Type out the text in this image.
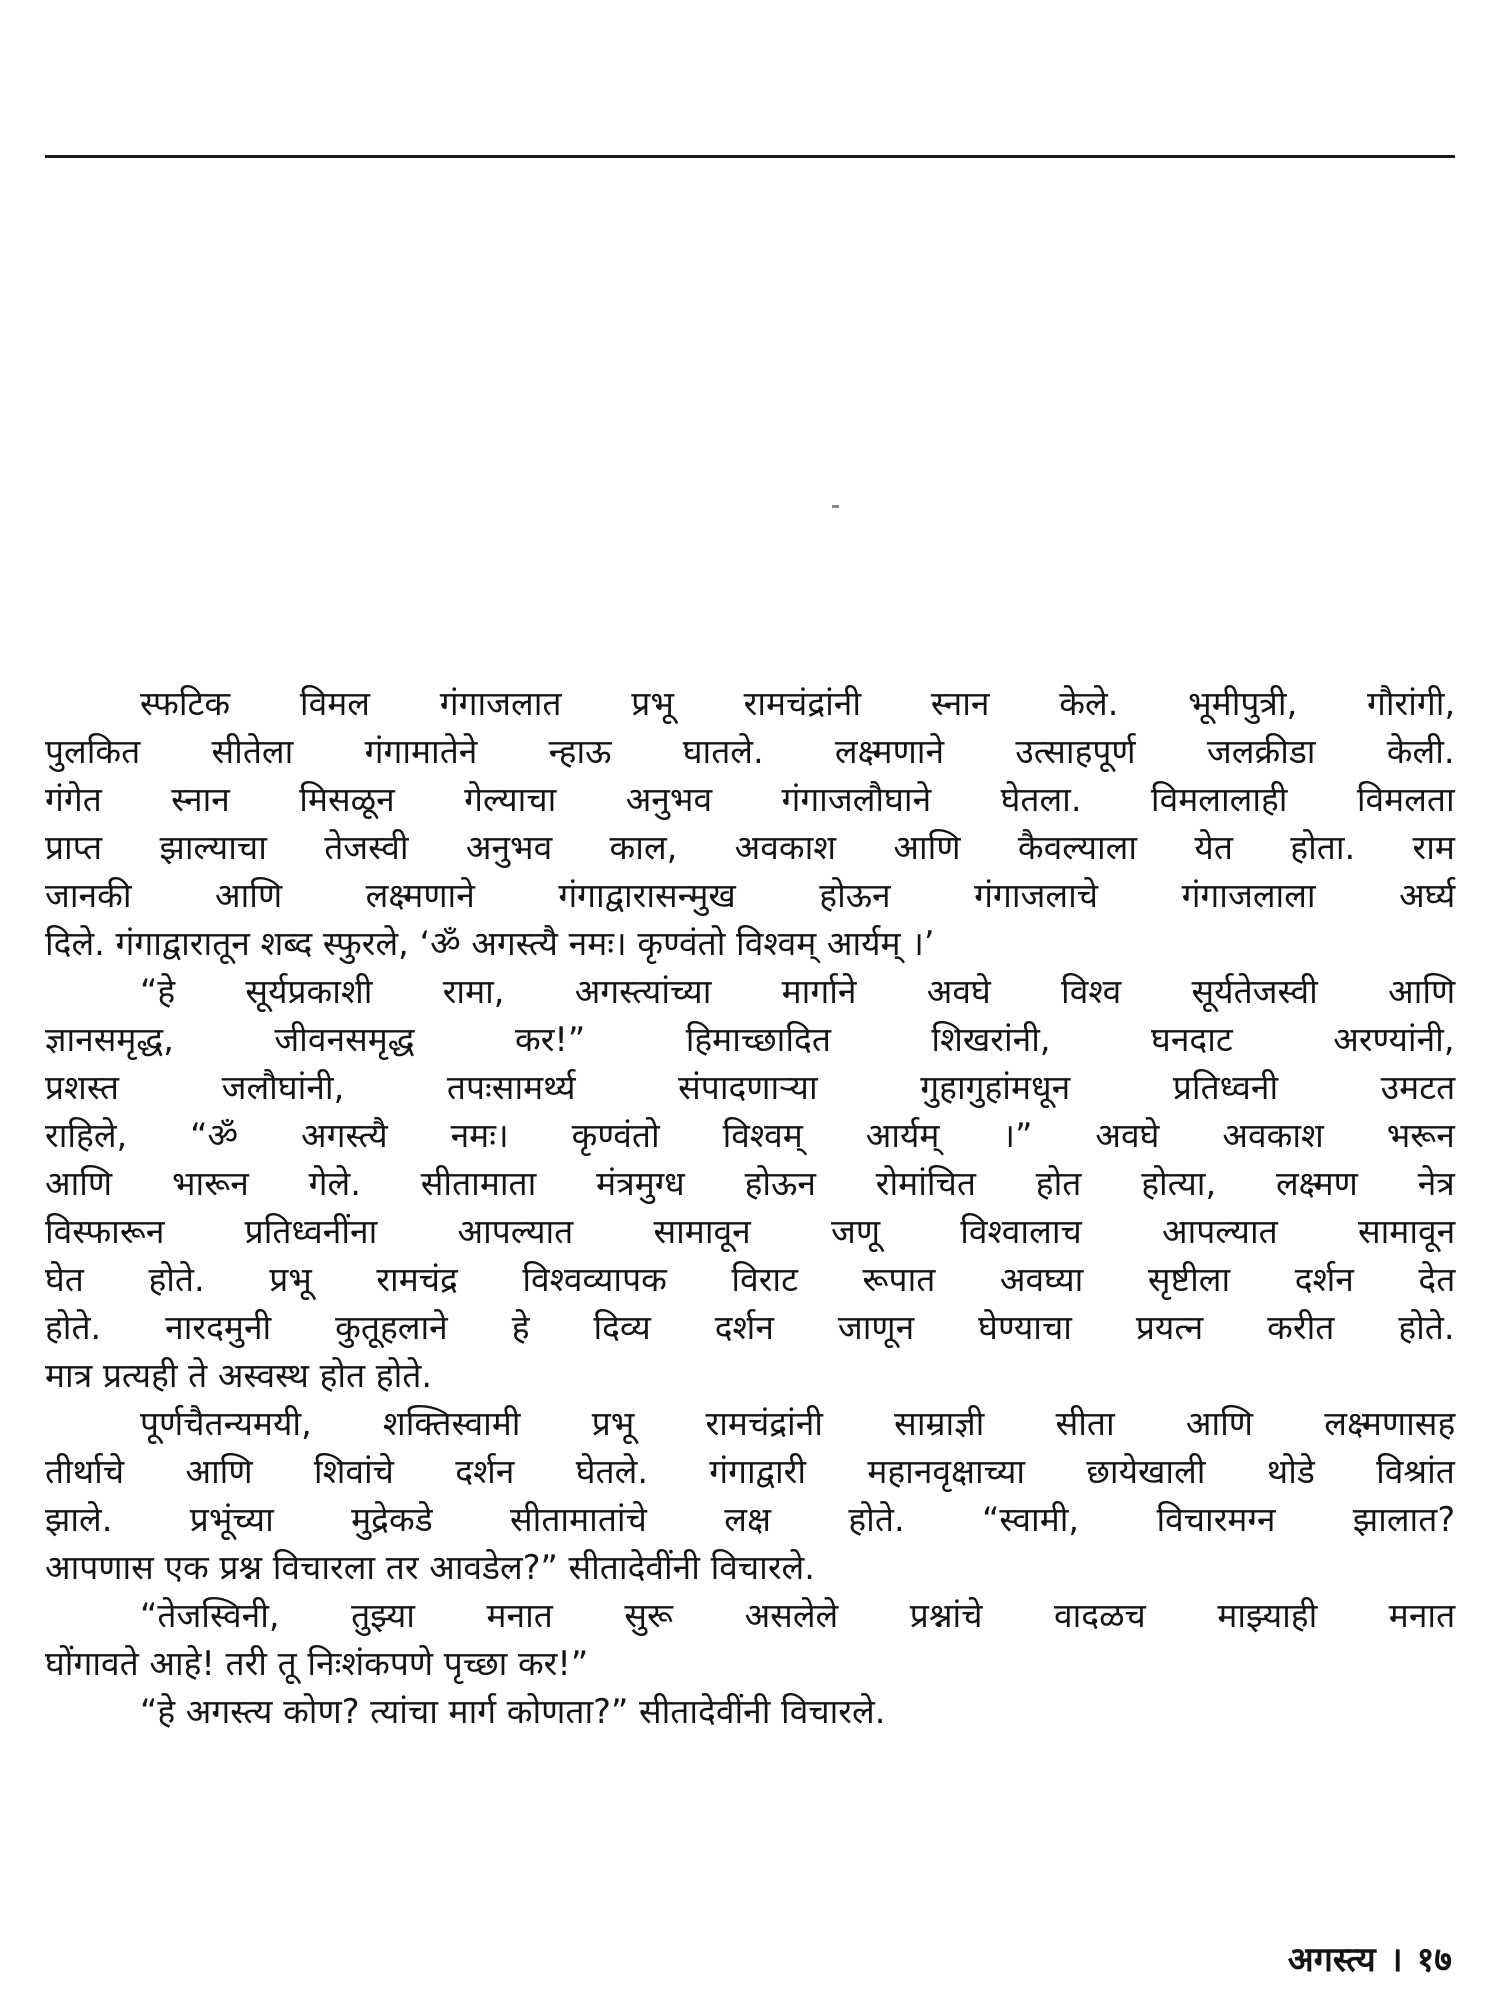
स्फटिक विमल गंगाजलात प्रभू रामचंद्रांनी स्नान केले. भूमीपुत्री, गौरांगी,
पुलकित सीतेला गंगामातेने न्हाऊ घातले. लक्ष्मणाने उत्साहपूर्ण जलक्रीडा केली.
गंगेत स्नान मिसळून गेल्याचा अनुभव गंगाजलौघाने घेतला. विमलालाही विमलता
प्राप्त झाल्याचा तेजस्वी अनुभव काल, अवकाश आणि कैवल्याला येत होता. राम
जानकी आणि लक्ष्मणाने गंगाद्वारासन्मुख होऊन गंगाजलाचे गंगाजलाला अर्घ्य
दिले. गंगाद्वारातून शब्द स्फुरले, ‘ॐ अगस्त्यै नमः। कृण्वंतो विश्वम् आर्यम् ।’
“हे सूर्यप्रकाशी रामा, अगस्त्यांच्या मार्गाने अवघे विश्व सूर्यतेजस्वी आणि
ज्ञानसमृद्ध, जीवनसमृद्ध कर!” हिमाच्छादित शिखरांनी, घनदाट अरण्यांनी,
प्रशस्त जलौघांनी, तपःसामर्थ्य संपादणाऱ्या गुहागुहांमधून प्रतिध्वनी उमटत
राहिले, “ॐ अगस्त्यै नमः। कृण्वंतो विश्वम् आर्यम् ।” अवघे अवकाश भरून
आणि भारून गेले. सीतामाता मंत्रमुग्ध होऊन रोमांचित होत होत्या, लक्ष्मण नेत्र
विस्फारून प्रतिध्वनींना आपल्यात सामावून जणू विश्वालाच आपल्यात सामावून
घेत होते. प्रभू रामचंद्र विश्वव्यापक विराट रूपात अवघ्या सृष्टीला दर्शन देत
होते. नारदमुनी कुतूहलाने हे दिव्य दर्शन जाणून घेण्याचा प्रयत्न करीत होते.
मात्र प्रत्यही ते अस्वस्थ होत होते.
पूर्णचैतन्यमयी, शक्तिस्वामी प्रभू रामचंद्रांनी साम्राज्ञी सीता आणि लक्ष्मणासह
तीर्थाचे आणि शिवांचे दर्शन घेतले. गंगाद्वारी महानवृक्षाच्या छायेखाली थोडे विश्रांत
झाले. प्रभूंच्या मुद्रेकडे सीतामातांचे लक्ष होते. “स्वामी, विचारमग्न झालात?
आपणास एक प्रश्न विचारला तर आवडेल?” सीतादेवींनी विचारले.
“तेजस्विनी, तुझ्या मनात सुरू असलेले प्रश्नांचे वादळच माझ्याही मनात
घोंगावते आहे! तरी तू निःशंकपणे पृच्छा कर!”
“हे अगस्त्य कोण? त्यांचा मार्ग कोणता?” सीतादेवींनी विचारले.
अगस्त्य । १७
